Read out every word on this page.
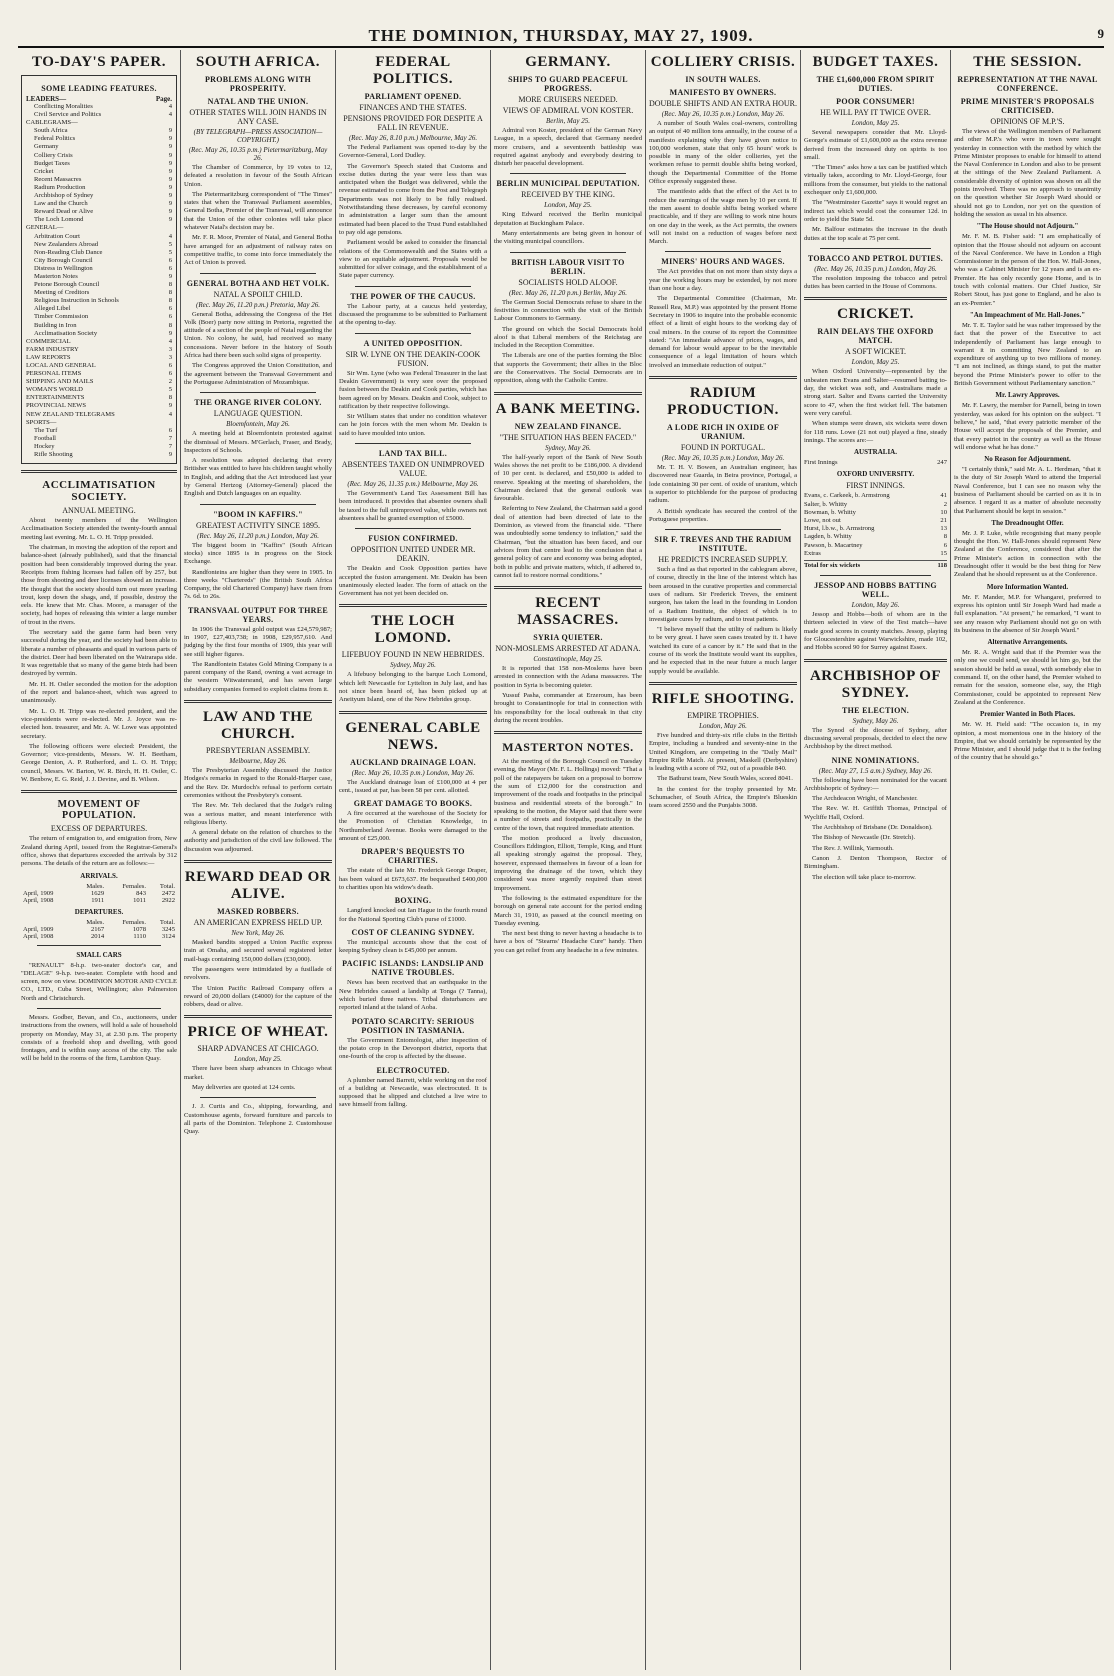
THE DOMINION, THURSDAY, MAY 27, 1909.	9
TO-DAY'S PAPER.
SOME LEADING FEATURES.
LEADERS—	Page.
Conflicting Moralities	4
Civil Service and Politics	4
CABLEGRAMS—
South Africa	9
Federal Politics	9
Germany	9
Colliery Crisis	9
Budget Taxes	9
Cricket	9
Recent Massacres	9
Radium Production	9
Archbishop of Sydney	9
Law and the Church	9
Reward Dead or Alive	9
The Loch Lomond	9
GENERAL—
Arbitration Court	4
New Zealanders Abroad	5
Non-Reading Club Dance	5
City Borough Council	6
Distress in Wellington	6
Masterton Notes	9
Petone Borough Council	8
Meeting of Creditors	8
Religious Instruction in Schools	8
Alleged Libel	6
Timber Commission	6
Building in Iron	8
Acclimatisation Society	9
COMMERCIAL	4
FARM INDUSTRY	3
LAW REPORTS	3
LOCAL AND GENERAL	6
PERSONAL ITEMS	6
SHIPPING AND MAILS	2
WOMAN'S WORLD	5
ENTERTAINMENTS	8
PROVINCIAL NEWS	9
NEW ZEALAND TELEGRAMS	4
SPORTS—
The Turf	6
Football	7
Hockey	7
Rifle Shooting	9
ACCLIMATISATION SOCIETY.
ANNUAL MEETING.
About twenty members of the Wellington Acclimatisation Society attended the twenty-fourth annual meeting last evening. Mr. L. O. H. Tripp presided.
The chairman, in moving the adoption of the report and balance-sheet (already published), said that the financial position had been considerably improved during the year. Receipts from fishing licenses had fallen off by 257, but those from shooting and deer licenses showed an increase. He thought that the society should turn out more yearling trout, keep down the shags, and, if possible, destroy the eels. He knew that Mr. Chas. Moore, a manager of the society, had hopes of releasing this winter a large number of trout in the rivers.
The secretary said the game farm had been very successful during the year, and the society had been able to liberate a number of pheasants and quail in various parts of the district. Deer had been liberated on the Wairarapa side. It was regrettable that so many of the game birds had been destroyed by vermin.
Mr. H. H. Ostler seconded the motion for the adoption of the report and balance-sheet, which was agreed to unanimously.
Mr. L. O. H. Tripp was re-elected president, and the vice-presidents were re-elected. Mr. J. Joyce was re-elected hon. treasurer, and Mr. A. W. Lowe was appointed secretary.
The following officers were elected: President, the Governor; vice-presidents, Messrs. W. H. Beetham, George Denton, A. P. Rutherford, and L. O. H. Tripp; council, Messrs. W. Barton, W. R. Birch, H. H. Ostler, C. W. Benbow, E. G. Reid, J. J. Devine, and B. Wilson.
MOVEMENT OF POPULATION.
EXCESS OF DEPARTURES.
The return of emigration to, and emigration from, New Zealand during April, issued from the Registrar-General's office, shows that departures exceeded the arrivals by 312 persons. The details of the return are as follows:—
ARRIVALS.
	Males.	Females.	Total.
April, 1909	1629	843	2472
April, 1908	1911	1011	2922
DEPARTURES.
	Males.	Females.	Total.
April, 1909	2167	1078	3245
April, 1908	2014	1110	3124
SMALL CARS
"RENAULT" 8-h.p. two-seater doctor's car, and "DELAGE" 9-h.p. two-seater. Complete with hood and screen, now on view. DOMINION MOTOR AND CYCLE CO., LTD., Cuba Street, Wellington; also Palmerston North and Christchurch.
Messrs. Godber, Bevan, and Co., auctioneers, under instructions from the owners, will hold a sale of household property on Monday, May 31, at 2.30 p.m. The property consists of a freehold shop and dwelling, with good frontages, and is within easy access of the city. The sale will be held in the rooms of the firm, Lambton Quay.
SOUTH AFRICA.
PROBLEMS ALONG WITH PROSPERITY.
NATAL AND THE UNION.
OTHER STATES WILL JOIN HANDS IN ANY CASE.
(BY TELEGRAPH—PRESS ASSOCIATION—COPYRIGHT.)
(Rec. May 26, 10.35 p.m.) Pietermaritzburg, May 26.
The Chamber of Commerce, by 19 votes to 12, defeated a resolution in favour of the South African Union.
The Pietermaritzburg correspondent of "The Times" states that when the Transvaal Parliament assembles, General Botha, Premier of the Transvaal, will announce that the Union of the other colonies will take place whatever Natal's decision may be.
Mr. F. R. Moor, Premier of Natal, and General Botha have arranged for an adjustment of railway rates on competitive traffic, to come into force immediately the Act of Union is proved.
GENERAL BOTHA AND HET VOLK.
NATAL A SPOILT CHILD.
(Rec. May 26, 11.20 p.m.) Pretoria, May 26.
General Botha, addressing the Congress of the Het Volk (Boer) party now sitting in Pretoria, regretted the attitude of a section of the people of Natal regarding the Union. No colony, he said, had received so many concessions. Never before in the history of South Africa had there been such solid signs of prosperity.
The Congress approved the Union Constitution, and the agreement between the Transvaal Government and the Portuguese Administration of Mozambique.
THE ORANGE RIVER COLONY.
LANGUAGE QUESTION.
Bloemfontein, May 26.
A meeting held at Bloemfontein protested against the dismissal of Messrs. M'Gerlach, Fraser, and Brady, Inspectors of Schools.
A resolution was adopted declaring that every Britisher was entitled to have his children taught wholly in English, and adding that the Act introduced last year by General Hertzog (Attorney-General) placed the English and Dutch languages on an equality.
"BOOM IN KAFFIRS."
GREATEST ACTIVITY SINCE 1895.
(Rec. May 26, 11.20 p.m.) London, May 26.
The biggest boom in "Kaffirs" (South African stocks) since 1895 is in progress on the Stock Exchange.
Randfonteins are higher than they were in 1905. In three weeks "Chartereds" (the British South Africa Company, the old Chartered Company) have risen from 7s. 6d. to 26s.
TRANSVAAL OUTPUT FOR THREE YEARS.
In 1906 the Transvaal gold output was £24,579,987; in 1907, £27,403,738; in 1908, £29,957,610. And judging by the first four months of 1909, this year will see still higher figures.
The Randfontein Estates Gold Mining Company is a parent company of the Rand, owning a vast acreage in the western Witwatersrand, and has seven large subsidiary companies formed to exploit claims from it.
LAW AND THE CHURCH.
PRESBYTERIAN ASSEMBLY.
Melbourne, May 26.
The Presbyterian Assembly discussed the Justice Hodges's remarks in regard to the Ronald-Harper case, and the Rev. Dr. Murdoch's refusal to perform certain ceremonies without the Presbytery's consent.
The Rev. Mr. Teh declared that the Judge's ruling was a serious matter, and meant interference with religious liberty.
A general debate on the relation of churches to the authority and jurisdiction of the civil law followed. The discussion was adjourned.
REWARD DEAD OR ALIVE.
MASKED ROBBERS.
AN AMERICAN EXPRESS HELD UP.
New York, May 26.
Masked bandits stopped a Union Pacific express train at Omaha, and secured several registered letter mail-bags containing 150,000 dollars (£30,000).
The passengers were intimidated by a fusillade of revolvers.
The Union Pacific Railroad Company offers a reward of 20,000 dollars (£4000) for the capture of the robbers, dead or alive.
PRICE OF WHEAT.
SHARP ADVANCES AT CHICAGO.
London, May 25.
There have been sharp advances in Chicago wheat market.
May deliveries are quoted at 124 cents.
J. J. Curtis and Co., shipping, forwarding, and Customhouse agents, forward furniture and parcels to all parts of the Dominion. Telephone 2. Customhouse Quay.
FEDERAL POLITICS.
PARLIAMENT OPENED.
FINANCES AND THE STATES.
PENSIONS PROVIDED FOR DESPITE A FALL IN REVENUE.
(Rec. May 26, 8.10 p.m.) Melbourne, May 26.
The Federal Parliament was opened to-day by the Governor-General, Lord Dudley.
The Governor's Speech stated that Customs and excise duties during the year were less than was anticipated when the Budget was delivered, while the revenue estimated to come from the Post and Telegraph Departments was not likely to be fully realised. Notwithstanding these decreases, by careful economy in administration a larger sum than the amount estimated had been placed to the Trust Fund established to pay old age pensions.
Parliament would be asked to consider the financial relations of the Commonwealth and the States with a view to an equitable adjustment. Proposals would be submitted for silver coinage, and the establishment of a State paper currency.
THE POWER OF THE CAUCUS.
The Labour party, at a caucus held yesterday, discussed the programme to be submitted to Parliament at the opening to-day.
A UNITED OPPOSITION.
SIR W. LYNE ON THE DEAKIN-COOK FUSION.
Sir Wm. Lyne (who was Federal Treasurer in the last Deakin Government) is very sore over the proposed fusion between the Deakin and Cook parties, which has been agreed on by Messrs. Deakin and Cook, subject to ratification by their respective followings.
Sir William states that under no condition whatever can he join forces with the men whom Mr. Deakin is said to have moulded into union.
LAND TAX BILL.
ABSENTEES TAXED ON UNIMPROVED VALUE.
(Rec. May 26, 11.35 p.m.) Melbourne, May 26.
The Government's Land Tax Assessment Bill has been introduced. It provides that absentee owners shall be taxed to the full unimproved value, while owners not absentees shall be granted exemption of £5000.
FUSION CONFIRMED.
OPPOSITION UNITED UNDER MR. DEAKIN.
The Deakin and Cook Opposition parties have accepted the fusion arrangement. Mr. Deakin has been unanimously elected leader. The form of attack on the Government has not yet been decided on.
THE LOCH LOMOND.
LIFEBUOY FOUND IN NEW HEBRIDES.
Sydney, May 26.
A lifebuoy belonging to the barque Loch Lomond, which left Newcastle for Lyttelton in July last, and has not since been heard of, has been picked up at Aneityum Island, one of the New Hebrides group.
GENERAL CABLE NEWS.
AUCKLAND DRAINAGE LOAN.
(Rec. May 26, 10.35 p.m.) London, May 26.
The Auckland drainage loan of £100,000 at 4 per cent., issued at par, has been 58 per cent. allotted.
GREAT DAMAGE TO BOOKS.
A fire occurred at the warehouse of the Society for the Promotion of Christian Knowledge, in Northumberland Avenue. Books were damaged to the amount of £25,000.
DRAPER'S BEQUESTS TO CHARITIES.
The estate of the late Mr. Frederick George Draper, has been valued at £673,637. He bequeathed £400,000 to charities upon his widow's death.
BOXING.
Langford knocked out Ian Hague in the fourth round for the National Sporting Club's purse of £1000.
COST OF CLEANING SYDNEY.
The municipal accounts show that the cost of keeping Sydney clean is £45,000 per annum.
PACIFIC ISLANDS: LANDSLIP AND NATIVE TROUBLES.
News has been received that an earthquake in the New Hebrides caused a landslip at Tonga (? Tanna), which buried three natives. Tribal disturbances are reported inland at the island of Aoba.
POTATO SCARCITY: SERIOUS POSITION IN TASMANIA.
The Government Entomologist, after inspection of the potato crop in the Devonport district, reports that one-fourth of the crop is affected by the disease.
ELECTROCUTED.
A plumber named Barrett, while working on the roof of a building at Newcastle, was electrocuted. It is supposed that he slipped and clutched a live wire to save himself from falling.
GERMANY.
SHIPS TO GUARD PEACEFUL PROGRESS.
MORE CRUISERS NEEDED.
VIEWS OF ADMIRAL VON KOSTER.
Berlin, May 25.
Admiral von Koster, president of the German Navy League, in a speech, declared that Germany needed more cruisers, and a seventeenth battleship was required against anybody and everybody desiring to disturb her peaceful development.
BERLIN MUNICIPAL DEPUTATION.
RECEIVED BY THE KING.
London, May 25.
King Edward received the Berlin municipal deputation at Buckingham Palace.
Many entertainments are being given in honour of the visiting municipal councillors.
BRITISH LABOUR VISIT TO BERLIN.
SOCIALISTS HOLD ALOOF.
(Rec. May 26, 11.20 p.m.) Berlin, May 26.
The German Social Democrats refuse to share in the festivities in connection with the visit of the British Labour Commoners to Germany.
The ground on which the Social Democrats hold aloof is that Liberal members of the Reichstag are included in the Reception Committee.
The Liberals are one of the parties forming the Bloc that supports the Government; their allies in the Bloc are the Conservatives. The Social Democrats are in opposition, along with the Catholic Centre.
A BANK MEETING.
NEW ZEALAND FINANCE.
"THE SITUATION HAS BEEN FACED."
Sydney, May 26.
The half-yearly report of the Bank of New South Wales shows the net profit to be £186,000. A dividend of 10 per cent. is declared, and £50,000 is added to reserve. Speaking at the meeting of shareholders, the Chairman declared that the general outlook was favourable.
Referring to New Zealand, the Chairman said a good deal of attention had been directed of late to the Dominion, as viewed from the financial side. "There was undoubtedly some tendency to inflation," said the Chairman, "but the situation has been faced, and our advices from that centre lead to the conclusion that a general policy of care and economy was being adopted, both in public and private matters, which, if adhered to, cannot fail to restore normal conditions."
RECENT MASSACRES.
SYRIA QUIETER.
NON-MOSLEMS ARRESTED AT ADANA.
Constantinople, May 25.
It is reported that 158 non-Moslems have been arrested in connection with the Adana massacres. The position in Syria is becoming quieter.
Yussuf Pasha, commander at Erzeroum, has been brought to Constantinople for trial in connection with his responsibility for the local outbreak in that city during the recent troubles.
MASTERTON NOTES.
At the meeting of the Borough Council on Tuesday evening, the Mayor (Mr. F. L. Hollings) moved: "That a poll of the ratepayers be taken on a proposal to borrow the sum of £12,000 for the construction and improvement of the roads and footpaths in the principal business and residential streets of the borough." In speaking to the motion, the Mayor said that there were a number of streets and footpaths, practically in the centre of the town, that required immediate attention.
The motion produced a lively discussion, Councillors Eddington, Elliott, Temple, King, and Hunt all speaking strongly against the proposal. They, however, expressed themselves in favour of a loan for improving the drainage of the town, which they considered was more urgently required than street improvement.
The following is the estimated expenditure for the borough on general rate account for the period ending March 31, 1910, as passed at the council meeting on Tuesday evening.
The next best thing to never having a headache is to have a box of "Stearns' Headache Cure" handy. Then you can get relief from any headache in a few minutes.
COLLIERY CRISIS.
IN SOUTH WALES.
MANIFESTO BY OWNERS.
DOUBLE SHIFTS AND AN EXTRA HOUR.
(Rec. May 26, 10.35 p.m.) London, May 26.
A number of South Wales coal-owners, controlling an output of 40 million tons annually, in the course of a manifesto explaining why they have given notice to 100,000 workmen, state that only 65 hours' work is possible in many of the older collieries, yet the workmen refuse to permit double shifts being worked, though the Departmental Committee of the Home Office expressly suggested these.
The manifesto adds that the effect of the Act is to reduce the earnings of the wage men by 10 per cent. If the men assent to double shifts being worked where practicable, and if they are willing to work nine hours on one day in the week, as the Act permits, the owners will not insist on a reduction of wages before next March.
MINERS' HOURS AND WAGES.
The Act provides that on not more than sixty days a year the working hours may be extended, by not more than one hour a day.
The Departmental Committee (Chairman, Mr. Russell Rea, M.P.) was appointed by the present Home Secretary in 1906 to inquire into the probable economic effect of a limit of eight hours to the working day of coal miners. In the course of its report the Committee stated: "An immediate advance of prices, wages, and demand for labour would appear to be the inevitable consequence of a legal limitation of hours which involved an immediate reduction of output."
RADIUM PRODUCTION.
A LODE RICH IN OXIDE OF URANIUM.
FOUND IN PORTUGAL.
(Rec. May 26, 10.35 p.m.) London, May 26.
Mr. T. H. V. Bowen, an Australian engineer, has discovered near Guarda, in Beira province, Portugal, a lode containing 30 per cent. of oxide of uranium, which is superior to pitchblende for the purpose of producing radium.
A British syndicate has secured the control of the Portuguese properties.
SIR F. TREVES AND THE RADIUM INSTITUTE.
HE PREDICTS INCREASED SUPPLY.
Such a find as that reported in the cablegram above, of course, directly in the line of the interest which has been aroused in the curative properties and commercial uses of radium. Sir Frederick Treves, the eminent surgeon, has taken the lead in the founding in London of a Radium Institute, the object of which is to investigate cures by radium, and to treat patients.
"I believe myself that the utility of radium is likely to be very great. I have seen cases treated by it. I have watched its cure of a cancer by it." He said that in the course of its work the Institute would want its supplies, and he expected that in the near future a much larger supply would be available.
RIFLE SHOOTING.
EMPIRE TROPHIES.
London, May 26.
Five hundred and thirty-six rifle clubs in the British Empire, including a hundred and seventy-nine in the United Kingdom, are competing in the "Daily Mail" Empire Rifle Match. At present, Maskell (Derbyshire) is leading with a score of 792, out of a possible 840.
The Bathurst team, New South Wales, scored 8041.
In the contest for the trophy presented by Mr. Schumacher, of South Africa, the Empire's Blueskin team scored 2550 and the Punjabis 3008.
BUDGET TAXES.
THE £1,600,000 FROM SPIRIT DUTIES.
POOR CONSUMER!
HE WILL PAY IT TWICE OVER.
London, May 25.
Several newspapers consider that Mr. Lloyd-George's estimate of £1,600,000 as the extra revenue derived from the increased duty on spirits is too small.
"The Times" asks how a tax can be justified which virtually takes, according to Mr. Lloyd-George, four millions from the consumer, but yields to the national exchequer only £1,600,000.
The "Westminster Gazette" says it would regret an indirect tax which would cost the consumer 12d. in order to yield the State 5d.
Mr. Balfour estimates the increase in the death duties at the top scale at 75 per cent.
TOBACCO AND PETROL DUTIES.
(Rec. May 26, 10.35 p.m.) London, May 26.
The resolution imposing the tobacco and petrol duties has been carried in the House of Commons.
CRICKET.
RAIN DELAYS THE OXFORD MATCH.
A SOFT WICKET.
London, May 25.
When Oxford University—represented by the unbeaten men Evans and Salter—resumed batting to-day, the wicket was soft, and Australians made a strong start. Salter and Evans carried the University score to 47, when the first wicket fell. The batsmen were very careful.
When stumps were drawn, six wickets were down for 118 runs. Lowe (21 not out) played a fine, steady innings. The scores are:—
AUSTRALIA.
First Innings	247
OXFORD UNIVERSITY.
FIRST INNINGS.
Evans, c. Carkeek, b. Armstrong	41
Salter, b. Whitty	2
Bowman, b. Whitty	10
Lowe, not out	21
Hurst, l.b.w., b. Armstrong	13
Lagden, b. Whitty	8
Pawson, b. Macartney	6
Extras	15
Total for six wickets	118
JESSOP AND HOBBS BATTING WELL.
London, May 26.
Jessop and Hobbs—both of whom are in the thirteen selected in view of the Test match—have made good scores in county matches. Jessop, playing for Gloucestershire against Warwickshire, made 102, and Hobbs scored 90 for Surrey against Essex.
ARCHBISHOP OF SYDNEY.
THE ELECTION.
Sydney, May 26.
The Synod of the diocese of Sydney, after discussing several proposals, decided to elect the new Archbishop by the direct method.
NINE NOMINATIONS.
(Rec. May 27, 1.5 a.m.) Sydney, May 26.
The following have been nominated for the vacant Archbishopric of Sydney:—
The Archdeacon Wright, of Manchester.
The Rev. W. H. Griffith Thomas, Principal of Wycliffe Hall, Oxford.
The Archbishop of Brisbane (Dr. Donaldson).
The Bishop of Newcastle (Dr. Stretch).
The Rev. J. Willink, Yarmouth.
Canon J. Denton Thompson, Rector of Birmingham.
The election will take place to-morrow.
THE SESSION.
REPRESENTATION AT THE NAVAL CONFERENCE.
PRIME MINISTER'S PROPOSALS CRITICISED.
OPINIONS OF M.P.'S.
The views of the Wellington members of Parliament and other M.P.'s who were in town were sought yesterday in connection with the method by which the Prime Minister proposes to enable for himself to attend the Naval Conference in London and also to be present at the sittings of the New Zealand Parliament. A considerable diversity of opinion was shown on all the points involved. There was no approach to unanimity on the question whether Sir Joseph Ward should or should not go to London, nor yet on the question of holding the session as usual in his absence.
"The House should not Adjourn."
Mr. F. M. B. Fisher said: "I am emphatically of opinion that the House should not adjourn on account of the Naval Conference. We have in London a High Commissioner in the person of the Hon. W. Hall-Jones, who was a Cabinet Minister for 12 years and is an ex-Premier. He has only recently gone Home, and is in touch with colonial matters. Our Chief Justice, Sir Robert Stout, has just gone to England, and he also is an ex-Premier."
"An Impeachment of Mr. Hall-Jones."
Mr. T. E. Taylor said he was rather impressed by the fact that the power of the Executive to act independently of Parliament has large enough to warrant it in committing New Zealand to an expenditure of anything up to two millions of money. "I am not inclined, as things stand, to put the matter beyond the Prime Minister's power to offer to the British Government without Parliamentary sanction."
Mr. Lawry Approves.
Mr. F. Lawry, the member for Parnell, being in town yesterday, was asked for his opinion on the subject. "I believe," he said, "that every patriotic member of the House will accept the proposals of the Premier, and that every patriot in the country as well as the House will endorse what he has done."
No Reason for Adjournment.
"I certainly think," said Mr. A. L. Herdman, "that it is the duty of Sir Joseph Ward to attend the Imperial Naval Conference, but I can see no reason why the business of Parliament should be carried on as it is in absence. I regard it as a matter of absolute necessity that Parliament should be kept in session."
The Dreadnought Offer.
Mr. J. P. Luke, while recognising that many people thought the Hon. W. Hall-Jones should represent New Zealand at the Conference, considered that after the Prime Minister's action in connection with the Dreadnought offer it would be the best thing for New Zealand that he should represent us at the Conference.
More Information Wanted.
Mr. F. Mander, M.P. for Whangarei, preferred to express his opinion until Sir Joseph Ward had made a full explanation. "At present," he remarked, "I want to see any reason why Parliament should not go on with its business in the absence of Sir Joseph Ward."
Alternative Arrangements.
Mr. R. A. Wright said that if the Premier was the only one we could send, we should let him go, but the session should be held as usual, with somebody else in command. If, on the other hand, the Premier wished to remain for the session, someone else, say, the High Commissioner, could be appointed to represent New Zealand at the Conference.
Premier Wanted in Both Places.
Mr. W. H. Field said: "The occasion is, in my opinion, a most momentous one in the history of the Empire, that we should certainly be represented by the Prime Minister, and I should judge that it is the feeling of the country that he should go."
